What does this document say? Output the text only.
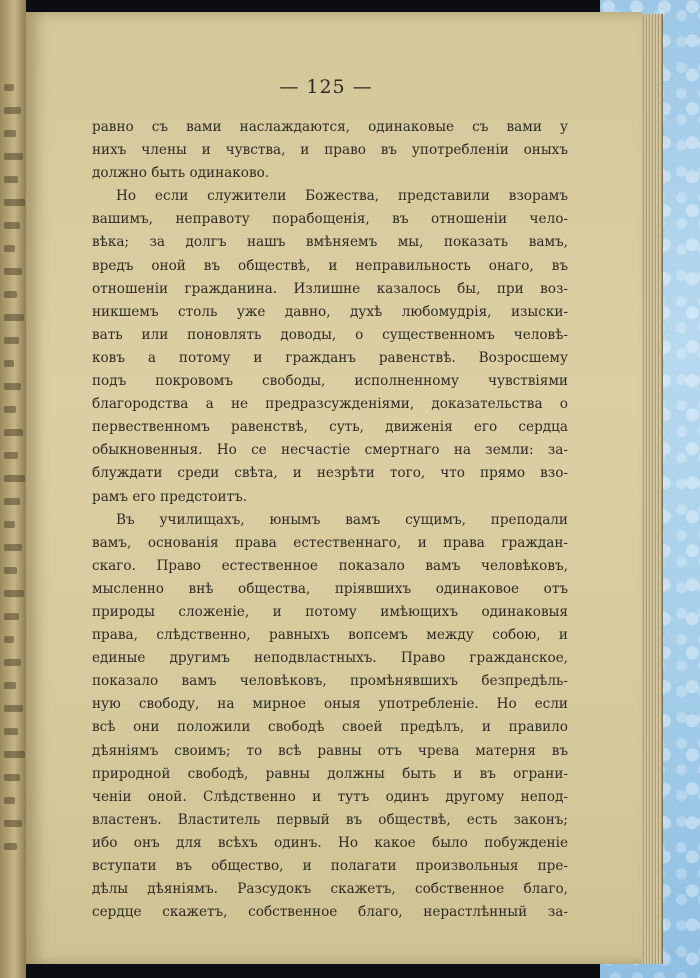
— 125 —
равно съ вами наслаждаются, одинаковые съ вами у
нихъ члены и чувства, и право въ употребленіи оныхъ
должно быть одинаково.
Но если служители Божества, представили взорамъ
вашимъ, неправоту порабощенія, въ отношеніи чело-
вѣка; за долгъ нашъ вмѣняемъ мы, показать вамъ,
вредъ оной въ обществѣ, и неправильность онаго, въ
отношеніи гражданина. Излишне казалось бы, при воз-
никшемъ столь уже давно, духѣ любомудрія, изыски-
вать или поновлять доводы, о существенномъ человѣ-
ковъ а потому и гражданъ равенствѣ. Возросшему
подъ покровомъ свободы, исполненному чувствіями
благородства а не предразсужденіями, доказательства о
первественномъ равенствѣ, суть, движенія его сердца
обыкновенныя. Но се несчастіе смертнаго на земли: за-
блуждати среди свѣта, и незрѣти того, что прямо взо-
рамъ его предстоитъ.
Въ училищахъ, юнымъ вамъ сущимъ, преподали
вамъ, основанія права естественнаго, и права граждан-
скаго. Право естественное показало вамъ человѣковъ,
мысленно внѣ общества, пріявшихъ одинаковое отъ
природы сложеніе, и потому имѣющихъ одинаковыя
права, слѣдственно, равныхъ вопсемъ между собою, и
единые другимъ неподвластныхъ. Право гражданское,
показало вамъ человѣковъ, промѣнявшихъ безпредѣль-
ную свободу, на мирное оныя употребленіе. Но если
всѣ они положили свободѣ своей предѣлъ, и правило
дѣяніямъ своимъ; то всѣ равны отъ чрева матерня въ
природной свободѣ, равны должны быть и въ ограни-
ченіи оной. Слѣдственно и тутъ одинъ другому непод-
властенъ. Властитель первый въ обществѣ, есть законъ;
ибо онъ для всѣхъ одинъ. Но какое было побужденіе
вступати въ общество, и полагати произвольныя пре-
дѣлы дѣяніямъ. Разсудокъ скажетъ, собственное благо,
сердце скажетъ, собственное благо, нерастлѣнный за-
